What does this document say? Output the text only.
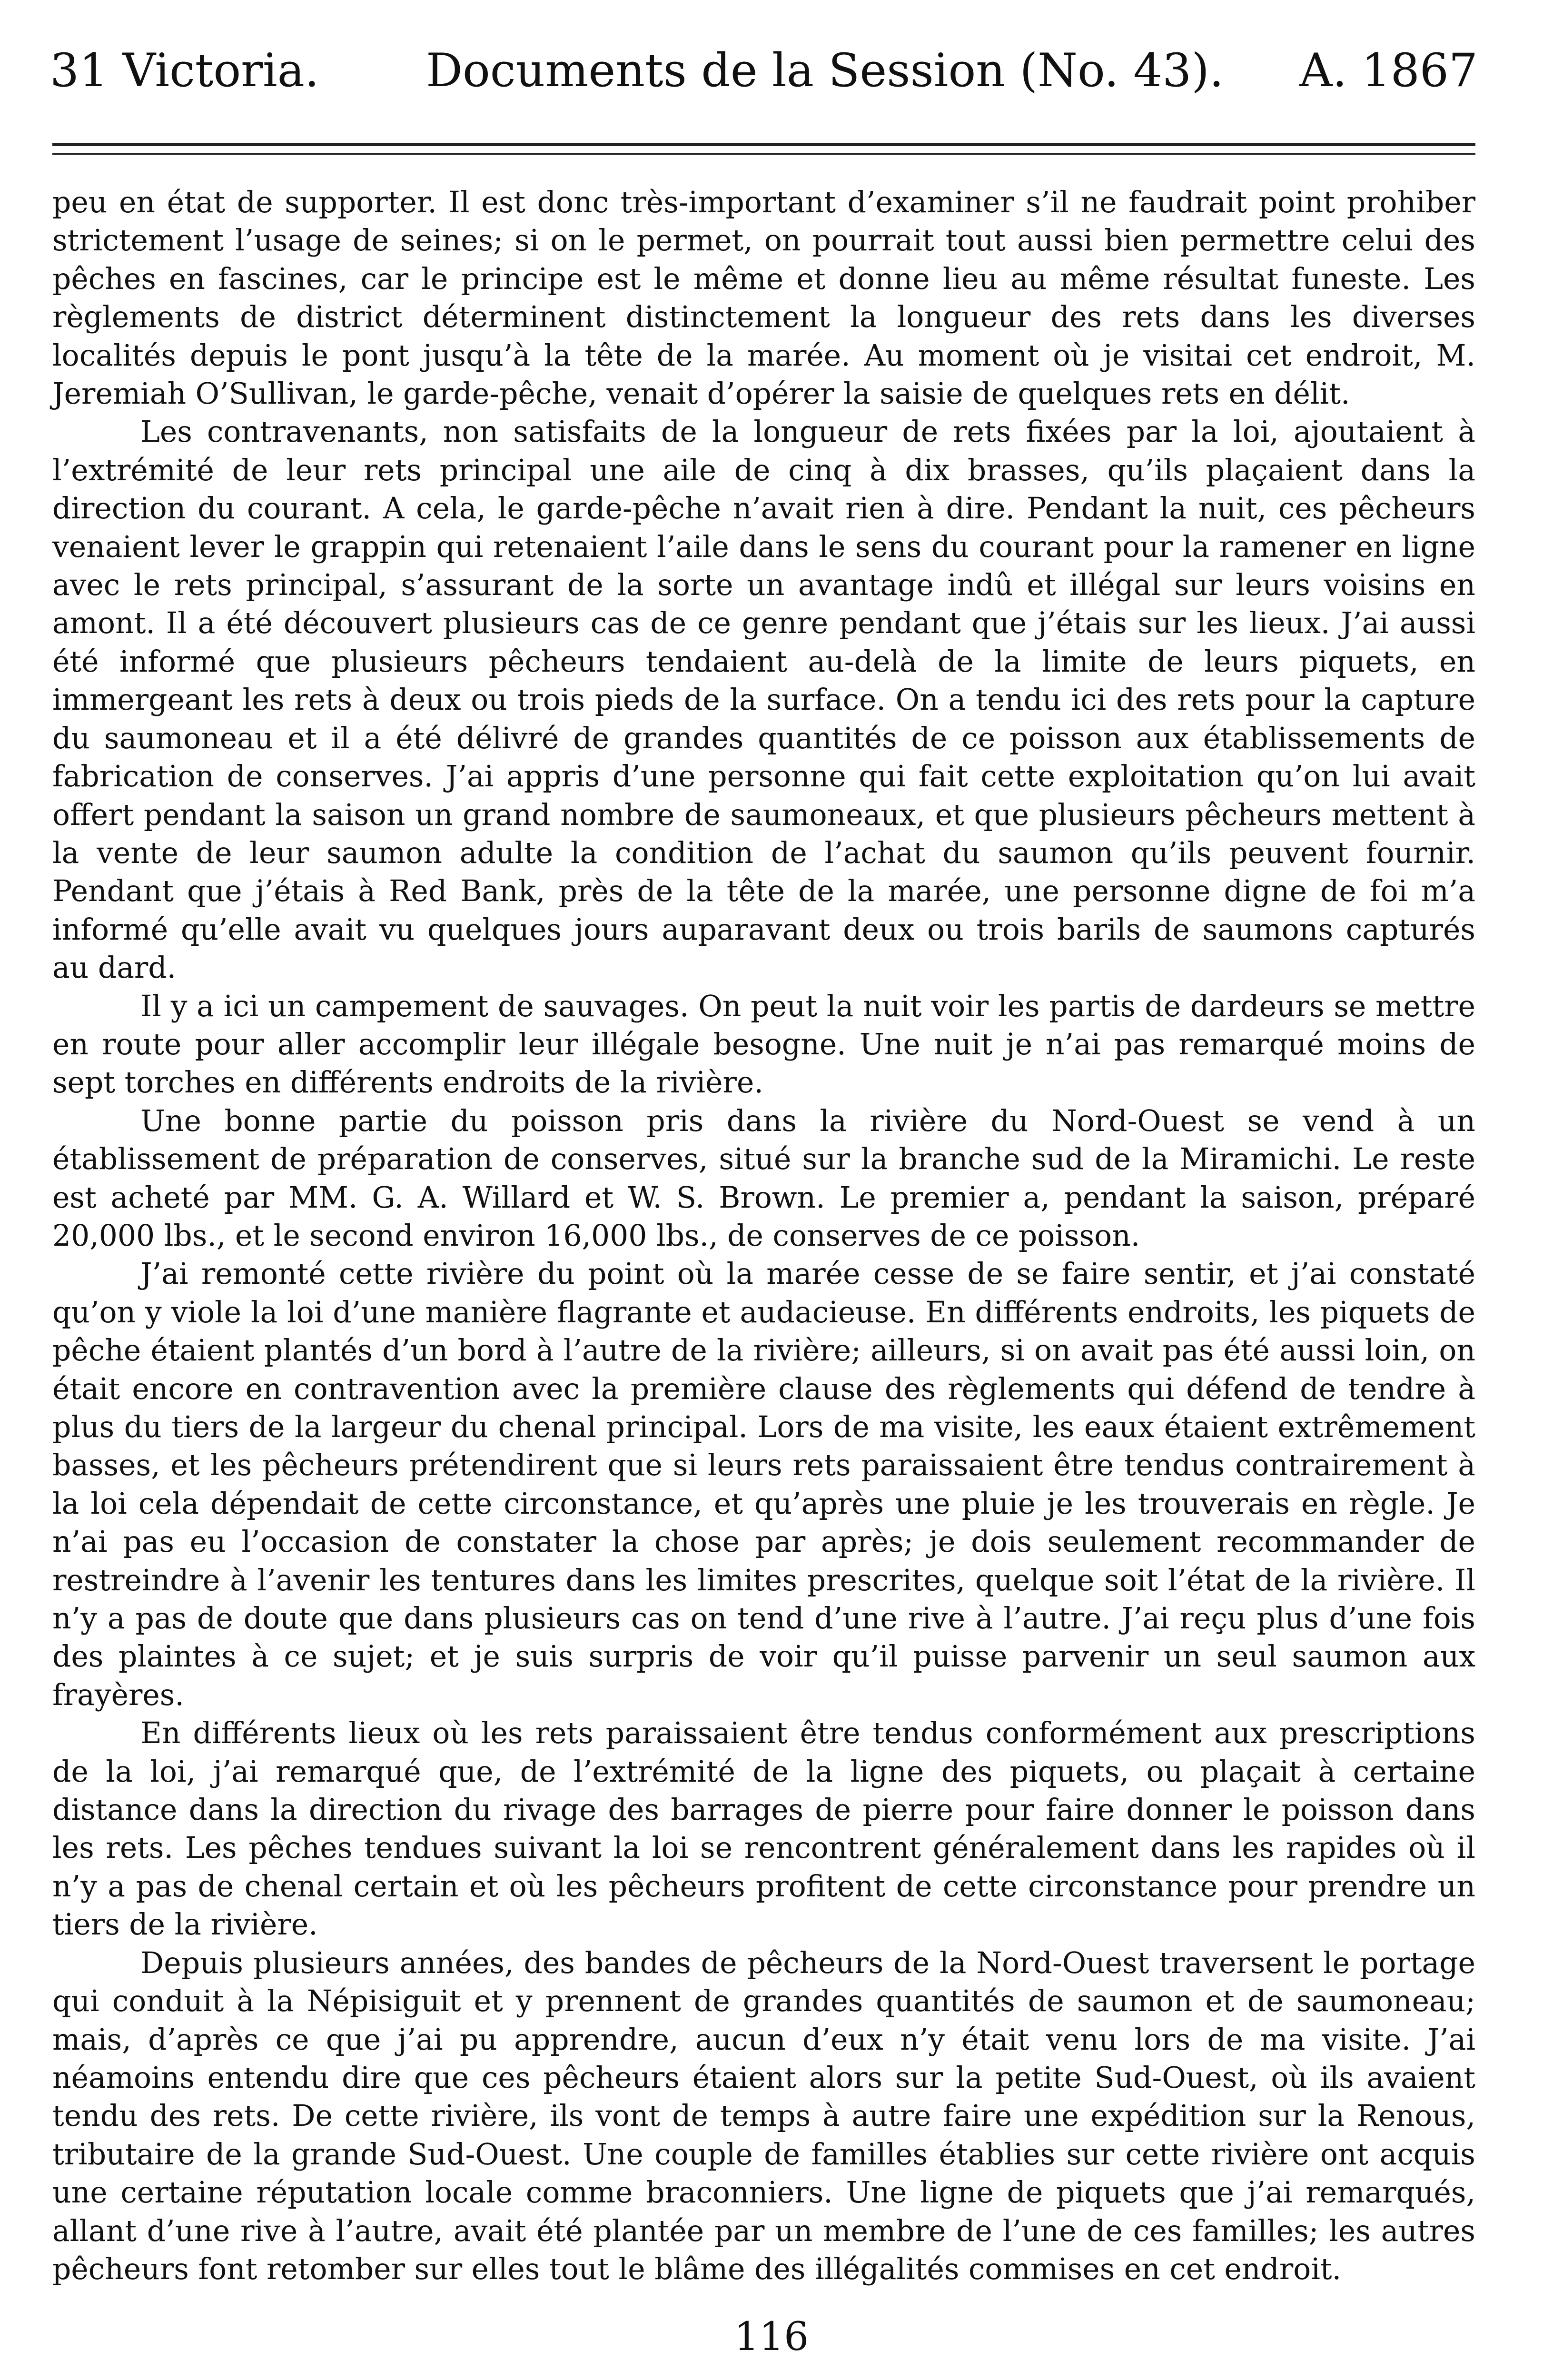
31 Victoria. Documents de la Session (No. 43). A. 1867

peu en état de supporter. Il est donc très-important d’examiner s’il ne faudrait point prohiber strictement l’usage de seines; si on le permet, on pourrait tout aussi bien permettre celui des pêches en fascines, car le principe est le même et donne lieu au même résultat funeste. Les règlements de district déterminent distinctement la longueur des rets dans les diverses localités depuis le pont jusqu’à la tête de la marée. Au moment où je visitai cet endroit, M. Jeremiah O’Sullivan, le garde-pêche, venait d’opérer la saisie de quelques rets en délit.

Les contravenants, non satisfaits de la longueur de rets fixées par la loi, ajoutaient à l’extrémité de leur rets principal une aile de cinq à dix brasses, qu’ils plaçaient dans la direction du courant. A cela, le garde-pêche n’avait rien à dire. Pendant la nuit, ces pêcheurs venaient lever le grappin qui retenaient l’aile dans le sens du courant pour la ramener en ligne avec le rets principal, s’assurant de la sorte un avantage indû et illégal sur leurs voisins en amont. Il a été découvert plusieurs cas de ce genre pendant que j’étais sur les lieux. J’ai aussi été informé que plusieurs pêcheurs tendaient au-delà de la limite de leurs piquets, en immergeant les rets à deux ou trois pieds de la surface. On a tendu ici des rets pour la capture du saumoneau et il a été délivré de grandes quantités de ce poisson aux établissements de fabrication de conserves. J’ai appris d’une personne qui fait cette exploitation qu’on lui avait offert pendant la saison un grand nombre de saumoneaux, et que plusieurs pêcheurs mettent à la vente de leur saumon adulte la condition de l’achat du saumon qu’ils peuvent fournir. Pendant que j’étais à Red Bank, près de la tête de la marée, une personne digne de foi m’a informé qu’elle avait vu quelques jours auparavant deux ou trois barils de saumons capturés au dard.

Il y a ici un campement de sauvages. On peut la nuit voir les partis de dardeurs se mettre en route pour aller accomplir leur illégale besogne. Une nuit je n’ai pas remarqué moins de sept torches en différents endroits de la rivière.

Une bonne partie du poisson pris dans la rivière du Nord-Ouest se vend à un établissement de préparation de conserves, situé sur la branche sud de la Miramichi. Le reste est acheté par MM. G. A. Willard et W. S. Brown. Le premier a, pendant la saison, préparé 20,000 lbs., et le second environ 16,000 lbs., de conserves de ce poisson.

J’ai remonté cette rivière du point où la marée cesse de se faire sentir, et j’ai constaté qu’on y viole la loi d’une manière flagrante et audacieuse. En différents endroits, les piquets de pêche étaient plantés d’un bord à l’autre de la rivière; ailleurs, si on avait pas été aussi loin, on était encore en contravention avec la première clause des règlements qui défend de tendre à plus du tiers de la largeur du chenal principal. Lors de ma visite, les eaux étaient extrêmement basses, et les pêcheurs prétendirent que si leurs rets paraissaient être tendus contrairement à la loi cela dépendait de cette circonstance, et qu’après une pluie je les trouverais en règle. Je n’ai pas eu l’occasion de constater la chose par après; je dois seulement recommander de restreindre à l’avenir les tentures dans les limites prescrites, quelque soit l’état de la rivière. Il n’y a pas de doute que dans plusieurs cas on tend d’une rive à l’autre. J’ai reçu plus d’une fois des plaintes à ce sujet; et je suis surpris de voir qu’il puisse parvenir un seul saumon aux frayères.

En différents lieux où les rets paraissaient être tendus conformément aux prescriptions de la loi, j’ai remarqué que, de l’extrémité de la ligne des piquets, ou plaçait à certaine distance dans la direction du rivage des barrages de pierre pour faire donner le poisson dans les rets. Les pêches tendues suivant la loi se rencontrent généralement dans les rapides où il n’y a pas de chenal certain et où les pêcheurs profitent de cette circonstance pour prendre un tiers de la rivière.

Depuis plusieurs années, des bandes de pêcheurs de la Nord-Ouest traversent le portage qui conduit à la Népisiguit et y prennent de grandes quantités de saumon et de saumoneau; mais, d’après ce que j’ai pu apprendre, aucun d’eux n’y était venu lors de ma visite. J’ai néamoins entendu dire que ces pêcheurs étaient alors sur la petite Sud-Ouest, où ils avaient tendu des rets. De cette rivière, ils vont de temps à autre faire une expédition sur la Renous, tributaire de la grande Sud-Ouest. Une couple de familles établies sur cette rivière ont acquis une certaine réputation locale comme braconniers. Une ligne de piquets que j’ai remarqués, allant d’une rive à l’autre, avait été plantée par un membre de l’une de ces familles; les autres pêcheurs font retomber sur elles tout le blâme des illégalités commises en cet endroit.

116
